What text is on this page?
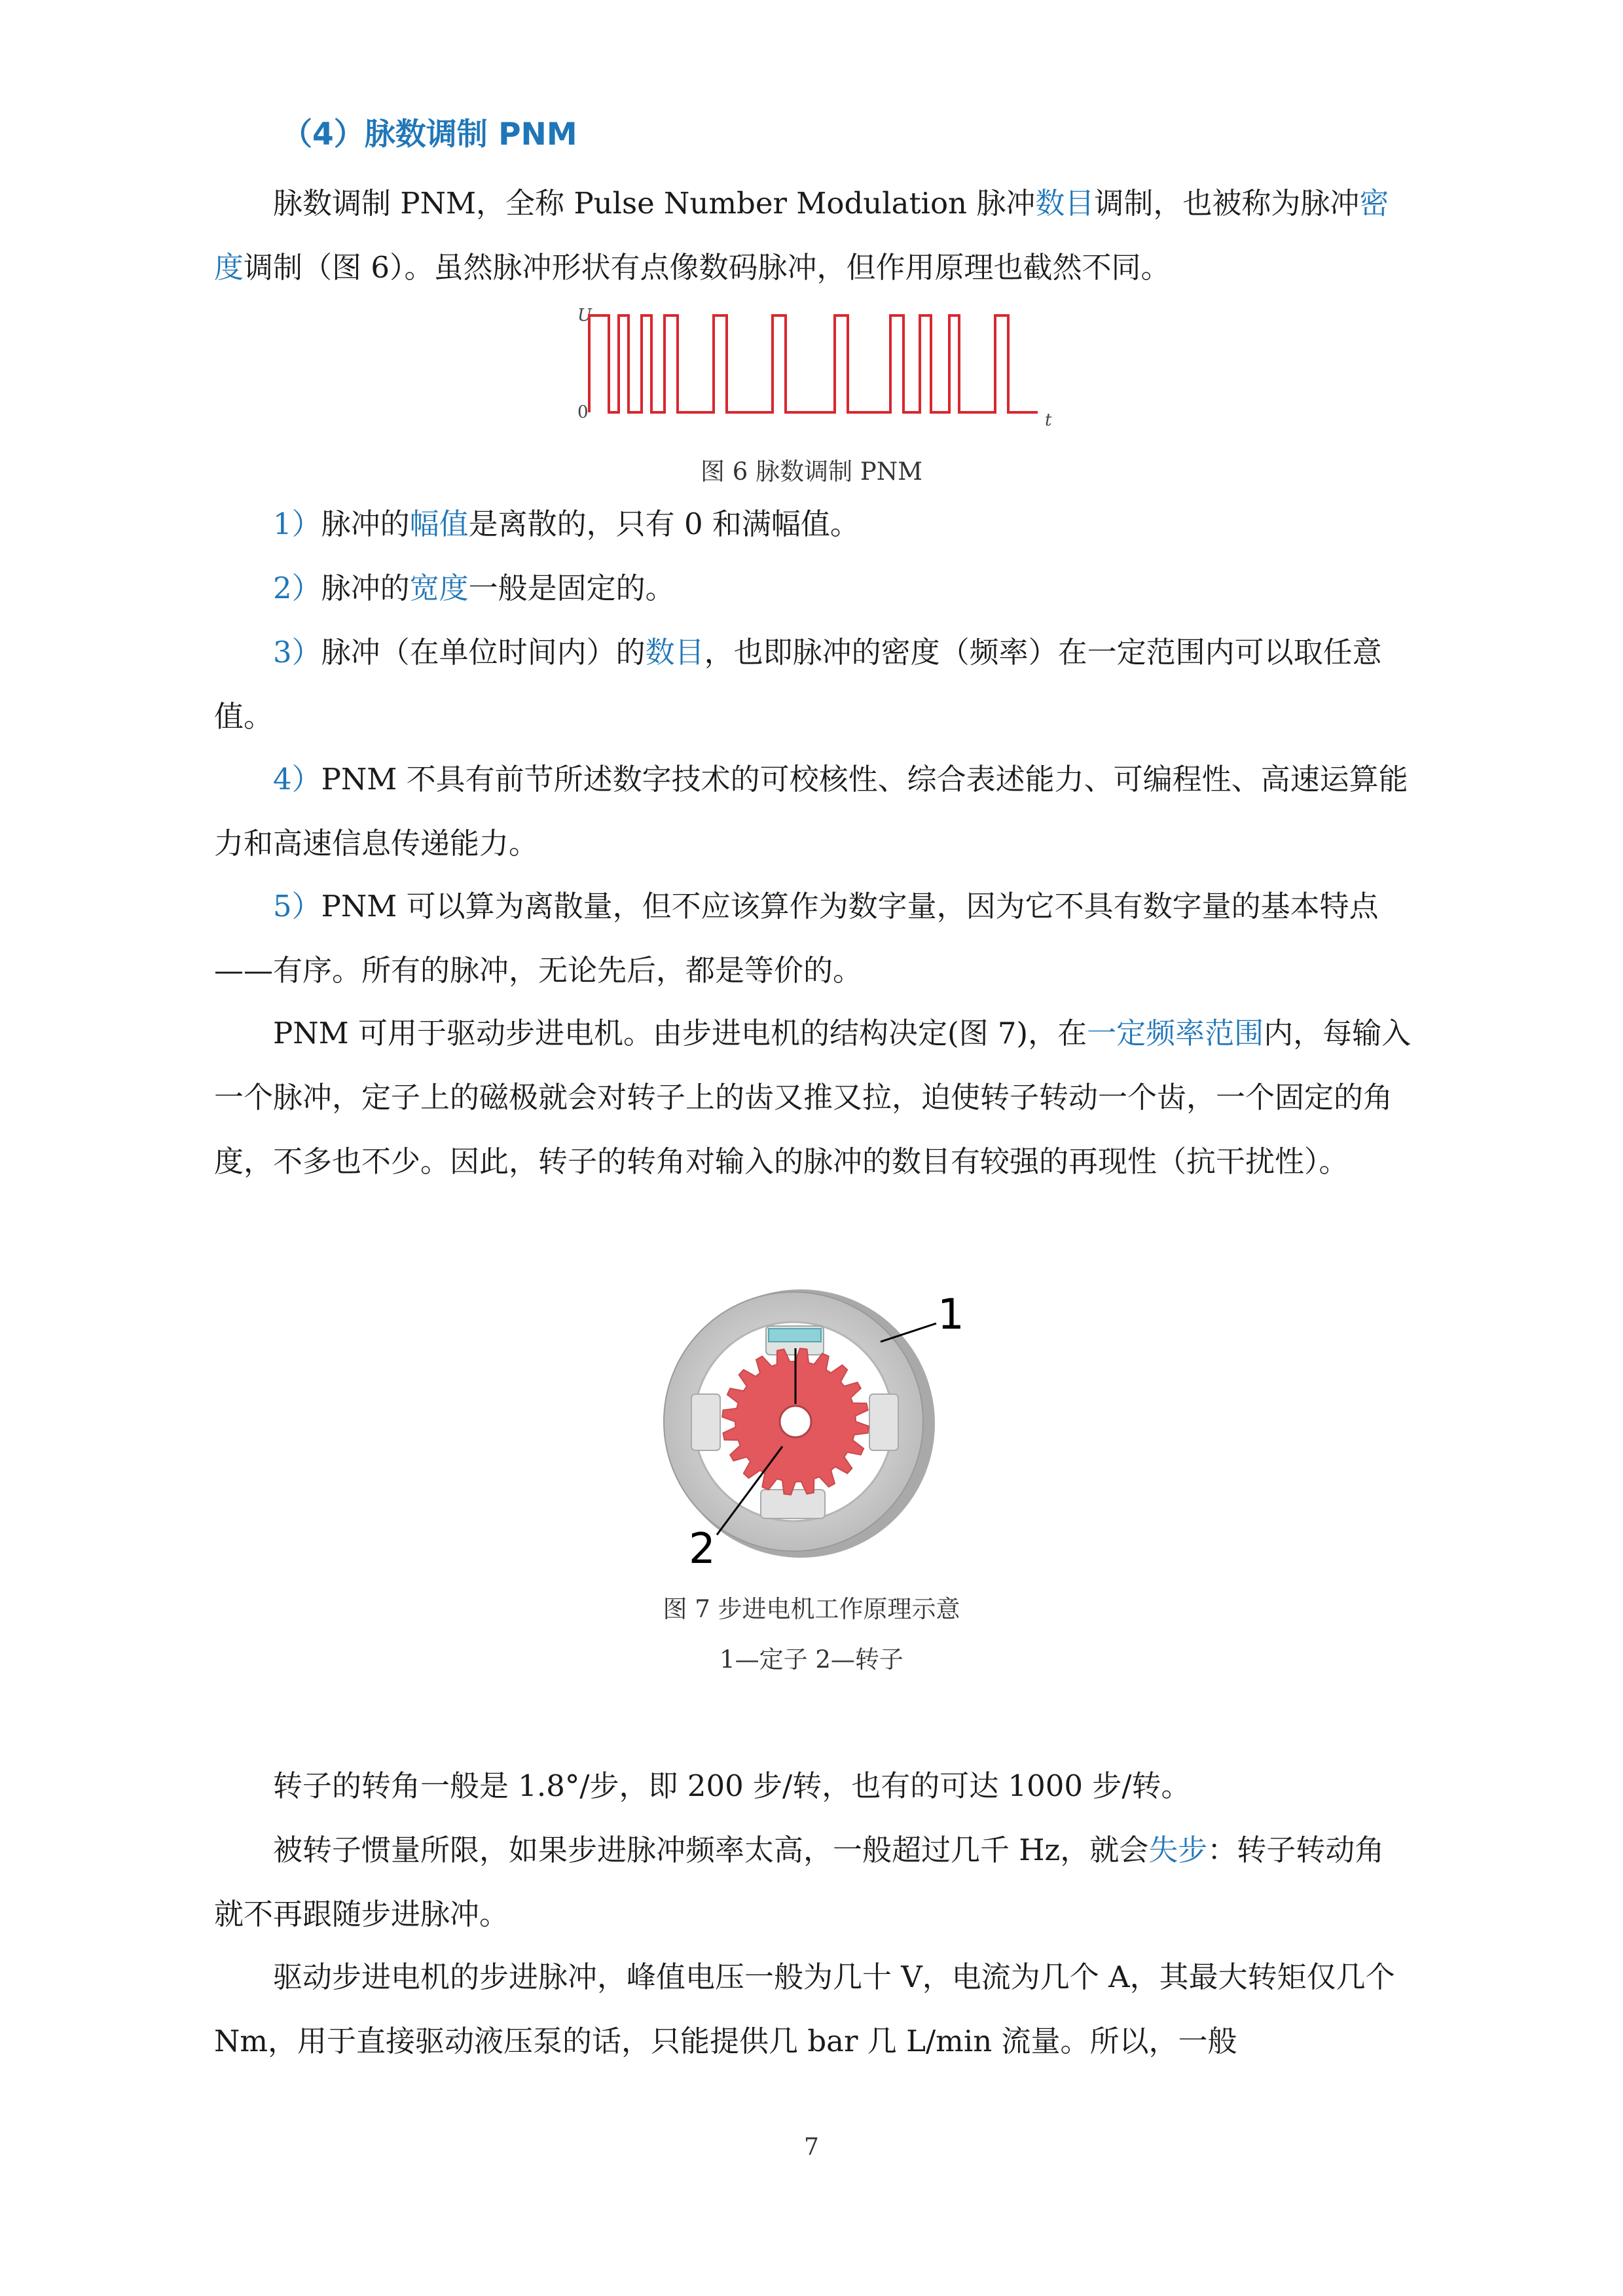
（4）脉数调制 PNM

脉数调制 PNM，全称 Pulse Number Modulation 脉冲数目调制，也被称为脉冲密度调制（图 6）。虽然脉冲形状有点像数码脉冲，但作用原理也截然不同。

U
0	t
图 6 脉数调制 PNM

1）脉冲的幅值是离散的，只有 0 和满幅值。

2）脉冲的宽度一般是固定的。

3）脉冲（在单位时间内）的数目，也即脉冲的密度（频率）在一定范围内可以取任意值。

4）PNM 不具有前节所述数字技术的可校核性、综合表述能力、可编程性、高速运算能力和高速信息传递能力。

5）PNM 可以算为离散量，但不应该算作为数字量，因为它不具有数字量的基本特点——有序。所有的脉冲，无论先后，都是等价的。

PNM 可用于驱动步进电机。由步进电机的结构决定(图 7)，在一定频率范围内，每输入一个脉冲，定子上的磁极就会对转子上的齿又推又拉，迫使转子转动一个齿，一个固定的角度，不多也不少。因此，转子的转角对输入的脉冲的数目有较强的再现性（抗干扰性）。

1
2
图 7 步进电机工作原理示意
1—定子 2—转子

转子的转角一般是 1.8°/步，即 200 步/转，也有的可达 1000 步/转。

被转子惯量所限，如果步进脉冲频率太高，一般超过几千 Hz，就会失步：转子转动角就不再跟随步进脉冲。

驱动步进电机的步进脉冲，峰值电压一般为几十 V，电流为几个 A，其最大转矩仅几个 Nm，用于直接驱动液压泵的话，只能提供几 bar 几 L/min 流量。所以，一般

7
